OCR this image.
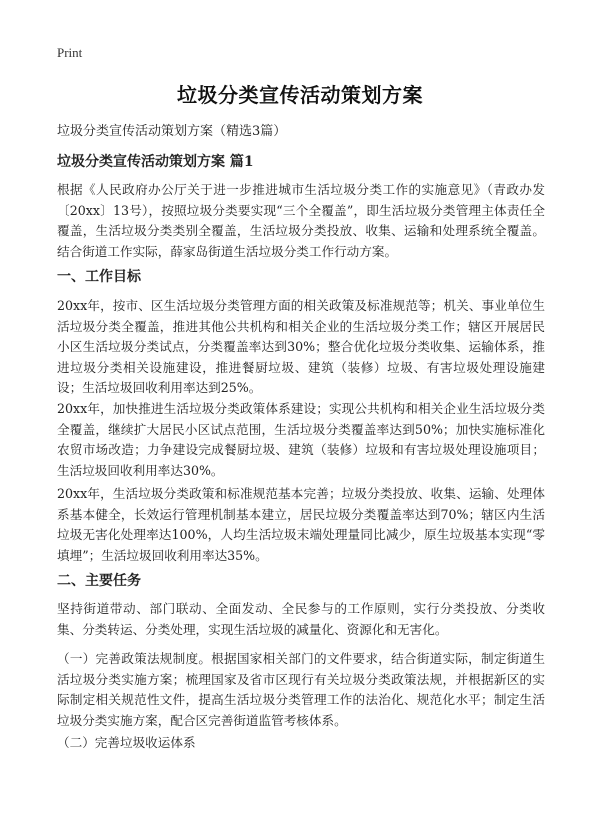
Print
垃圾分类宣传活动策划方案
垃圾分类宣传活动策划方案（精选3篇）
垃圾分类宣传活动策划方案 篇1

根据《人民政府办公厅关于进一步推进城市生活垃圾分类工作的实施意见》（青政办发〔20xx〕13号），按照垃圾分类要实现“三个全覆盖”，即生活垃圾分类管理主体责任全覆盖，生活垃圾分类类别全覆盖，生活垃圾分类投放、收集、运输和处理系统全覆盖。结合街道工作实际，薛家岛街道生活垃圾分类工作行动方案。

一、工作目标

20xx年，按市、区生活垃圾分类管理方面的相关政策及标准规范等；机关、事业单位生活垃圾分类全覆盖，推进其他公共机构和相关企业的生活垃圾分类工作；辖区开展居民小区生活垃圾分类试点，分类覆盖率达到30%；整合优化垃圾分类收集、运输体系，推进垃圾分类相关设施建设，推进餐厨垃圾、建筑（装修）垃圾、有害垃圾处理设施建设；生活垃圾回收利用率达到25%。

20xx年，加快推进生活垃圾分类政策体系建设；实现公共机构和相关企业生活垃圾分类全覆盖，继续扩大居民小区试点范围，生活垃圾分类覆盖率达到50%；加快实施标准化农贸市场改造；力争建设完成餐厨垃圾、建筑（装修）垃圾和有害垃圾处理设施项目；生活垃圾回收利用率达30%。

20xx年，生活垃圾分类政策和标准规范基本完善；垃圾分类投放、收集、运输、处理体系基本健全，长效运行管理机制基本建立，居民垃圾分类覆盖率达到70%；辖区内生活垃圾无害化处理率达100%，人均生活垃圾末端处理量同比减少，原生垃圾基本实现“零填埋”；生活垃圾回收利用率达35%。

二、主要任务

坚持街道带动、部门联动、全面发动、全民参与的工作原则，实行分类投放、分类收集、分类转运、分类处理，实现生活垃圾的减量化、资源化和无害化。

（一）完善政策法规制度。根据国家相关部门的文件要求，结合街道实际，制定街道生活垃圾分类实施方案；梳理国家及省市区现行有关垃圾分类政策法规，并根据新区的实际制定相关规范性文件，提高生活垃圾分类管理工作的法治化、规范化水平；制定生活垃圾分类实施方案，配合区完善街道监管考核体系。

（二）完善垃圾收运体系
